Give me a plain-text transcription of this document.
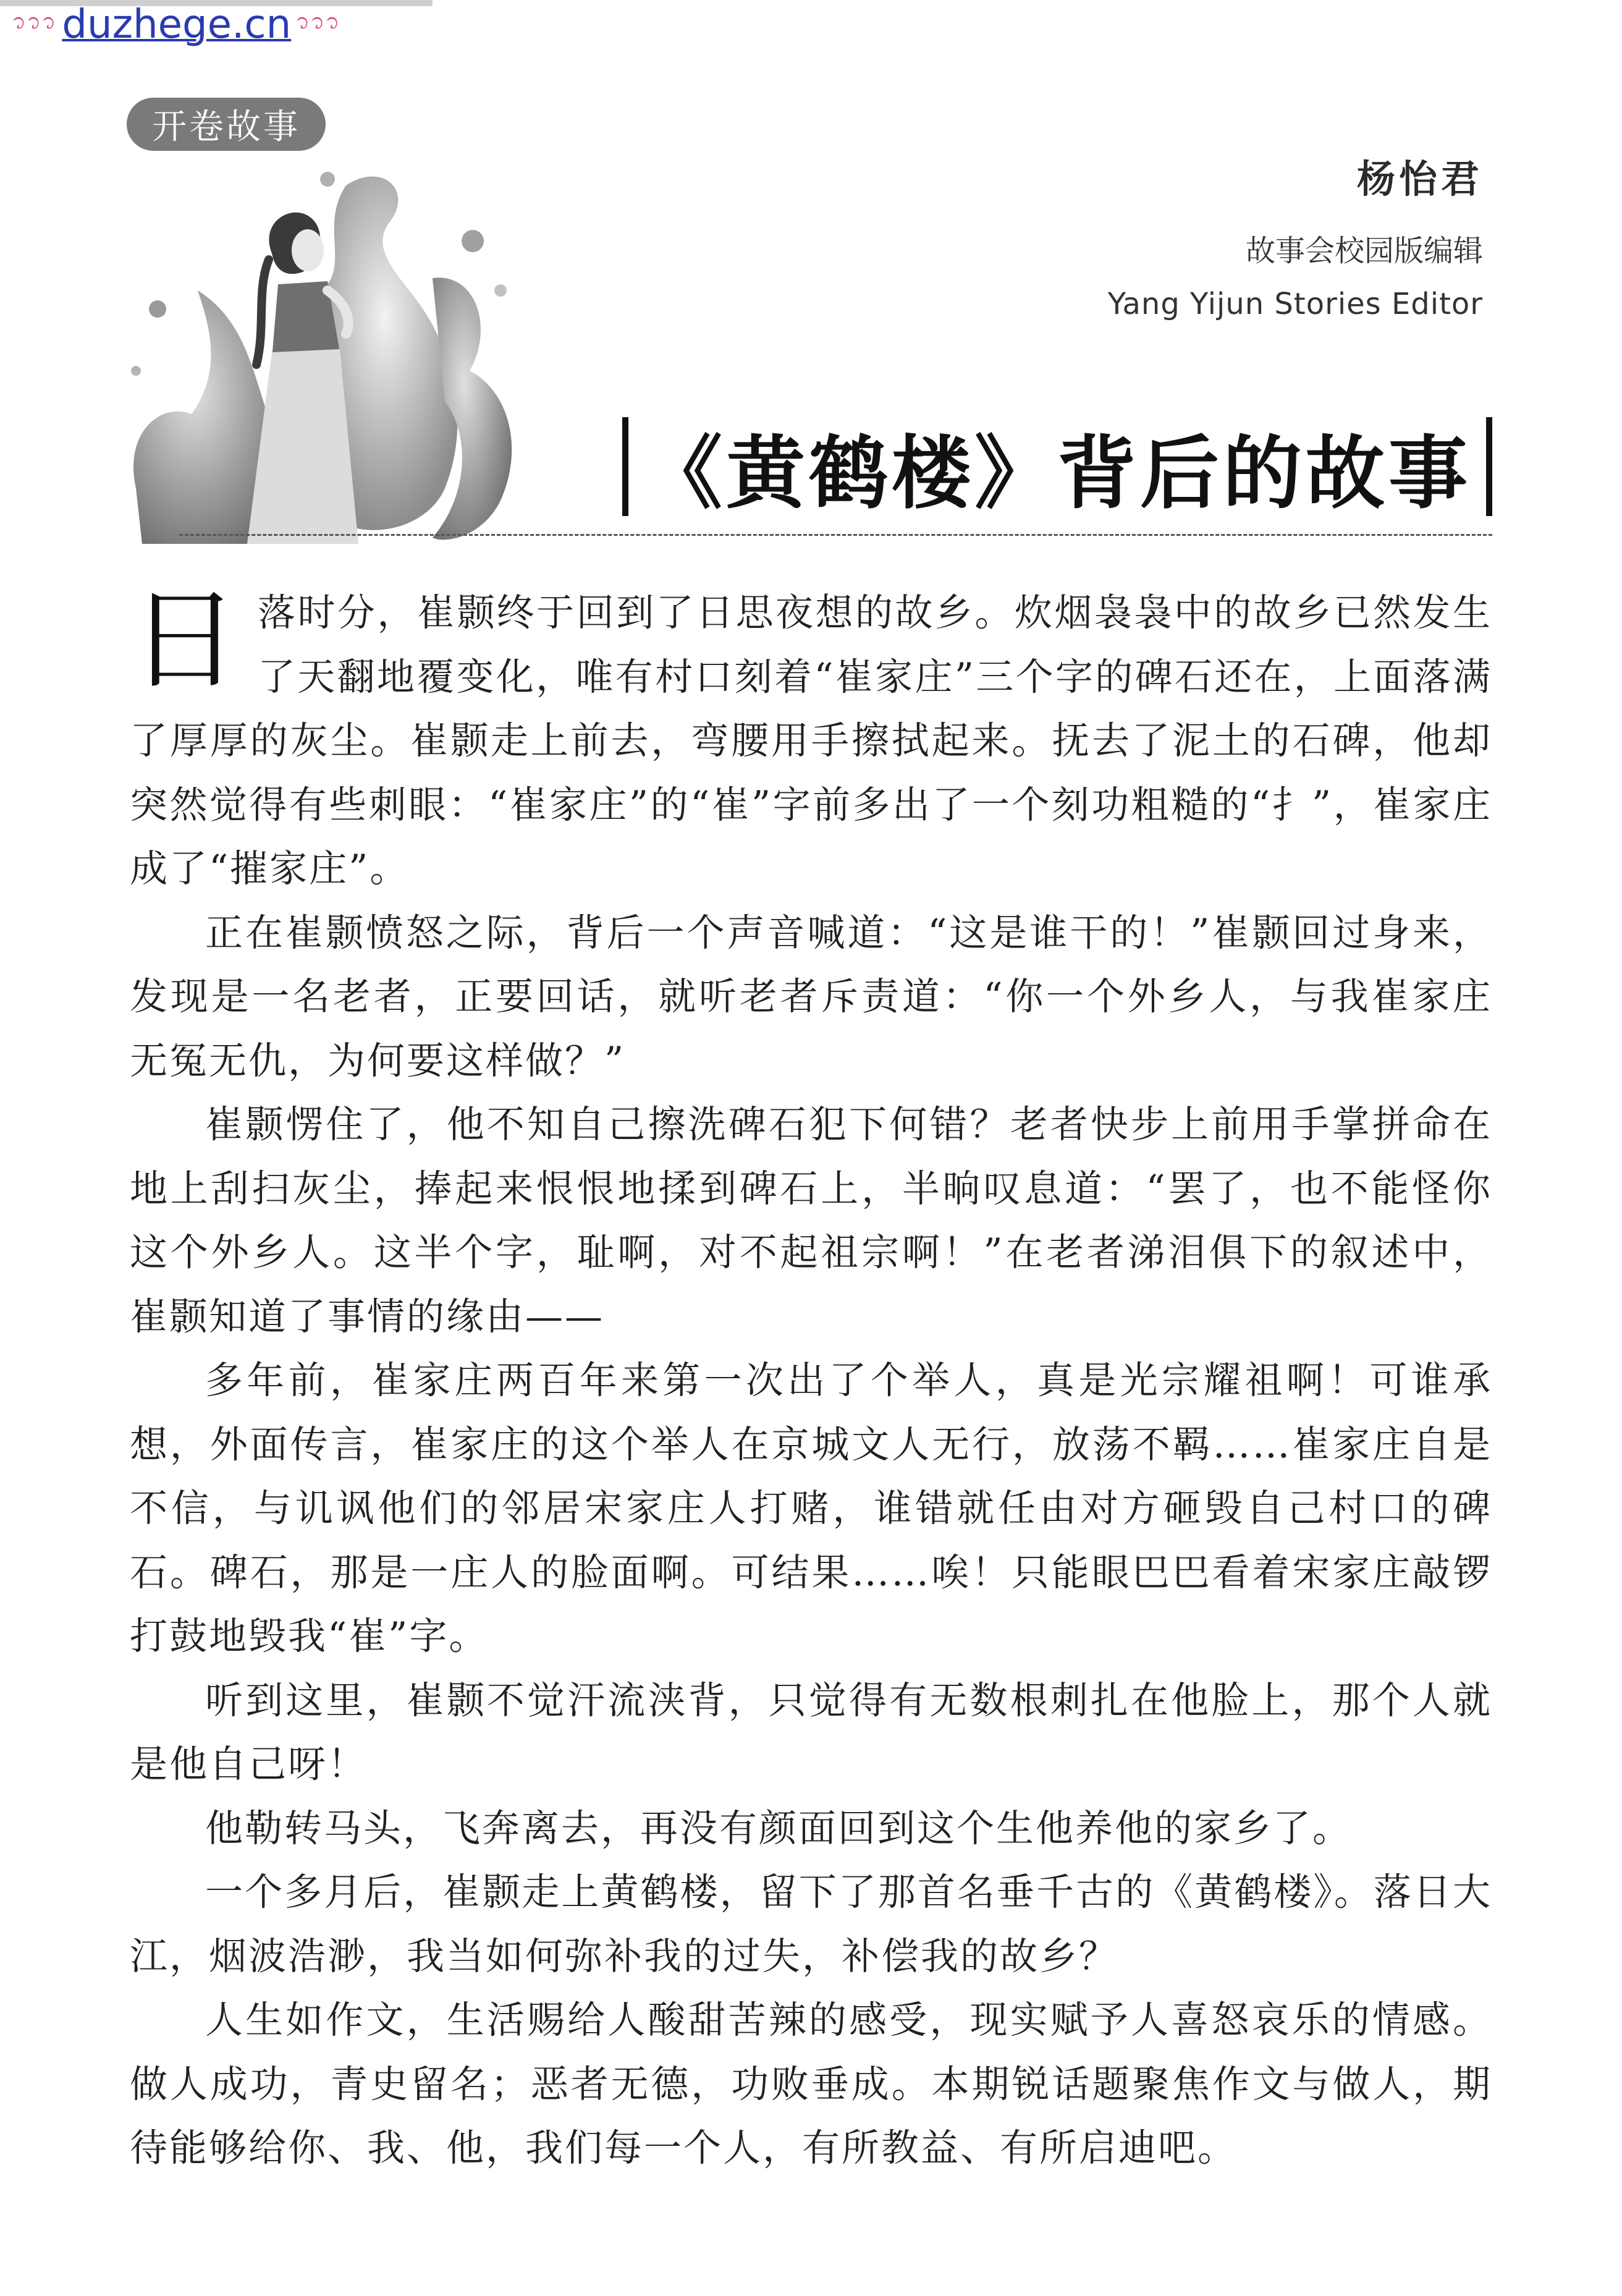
᭡᭡᭡ duzhege.cn ᭡᭡᭡
开卷故事
杨怡君
故事会校园版编辑
Yang Yijun Stories Editor
《黄鹤楼》背后的故事

日落时分，崔颢终于回到了日思夜想的故乡。炊烟袅袅中的故乡已然发生了天翻地覆变化，唯有村口刻着“崔家庄”三个字的碑石还在，上面落满了厚厚的灰尘。崔颢走上前去，弯腰用手擦拭起来。抚去了泥土的石碑，他却突然觉得有些刺眼：“崔家庄”的“崔”字前多出了一个刻功粗糙的“扌”，崔家庄成了“摧家庄”。

正在崔颢愤怒之际，背后一个声音喊道：“这是谁干的！”崔颢回过身来，发现是一名老者，正要回话，就听老者斥责道：“你一个外乡人，与我崔家庄无冤无仇，为何要这样做？”

崔颢愣住了，他不知自己擦洗碑石犯下何错？老者快步上前用手掌拼命在地上刮扫灰尘，捧起来恨恨地揉到碑石上，半晌叹息道：“罢了，也不能怪你这个外乡人。这半个字，耻啊，对不起祖宗啊！”在老者涕泪俱下的叙述中，崔颢知道了事情的缘由——

多年前，崔家庄两百年来第一次出了个举人，真是光宗耀祖啊！可谁承想，外面传言，崔家庄的这个举人在京城文人无行，放荡不羁……崔家庄自是不信，与讥讽他们的邻居宋家庄人打赌，谁错就任由对方砸毁自己村口的碑石。碑石，那是一庄人的脸面啊。可结果……唉！只能眼巴巴看着宋家庄敲锣打鼓地毁我“崔”字。

听到这里，崔颢不觉汗流浃背，只觉得有无数根刺扎在他脸上，那个人就是他自己呀！

他勒转马头，飞奔离去，再没有颜面回到这个生他养他的家乡了。

一个多月后，崔颢走上黄鹤楼，留下了那首名垂千古的《黄鹤楼》。落日大江，烟波浩渺，我当如何弥补我的过失，补偿我的故乡？

人生如作文，生活赐给人酸甜苦辣的感受，现实赋予人喜怒哀乐的情感。做人成功，青史留名；恶者无德，功败垂成。本期锐话题聚焦作文与做人，期待能够给你、我、他，我们每一个人，有所教益、有所启迪吧。
